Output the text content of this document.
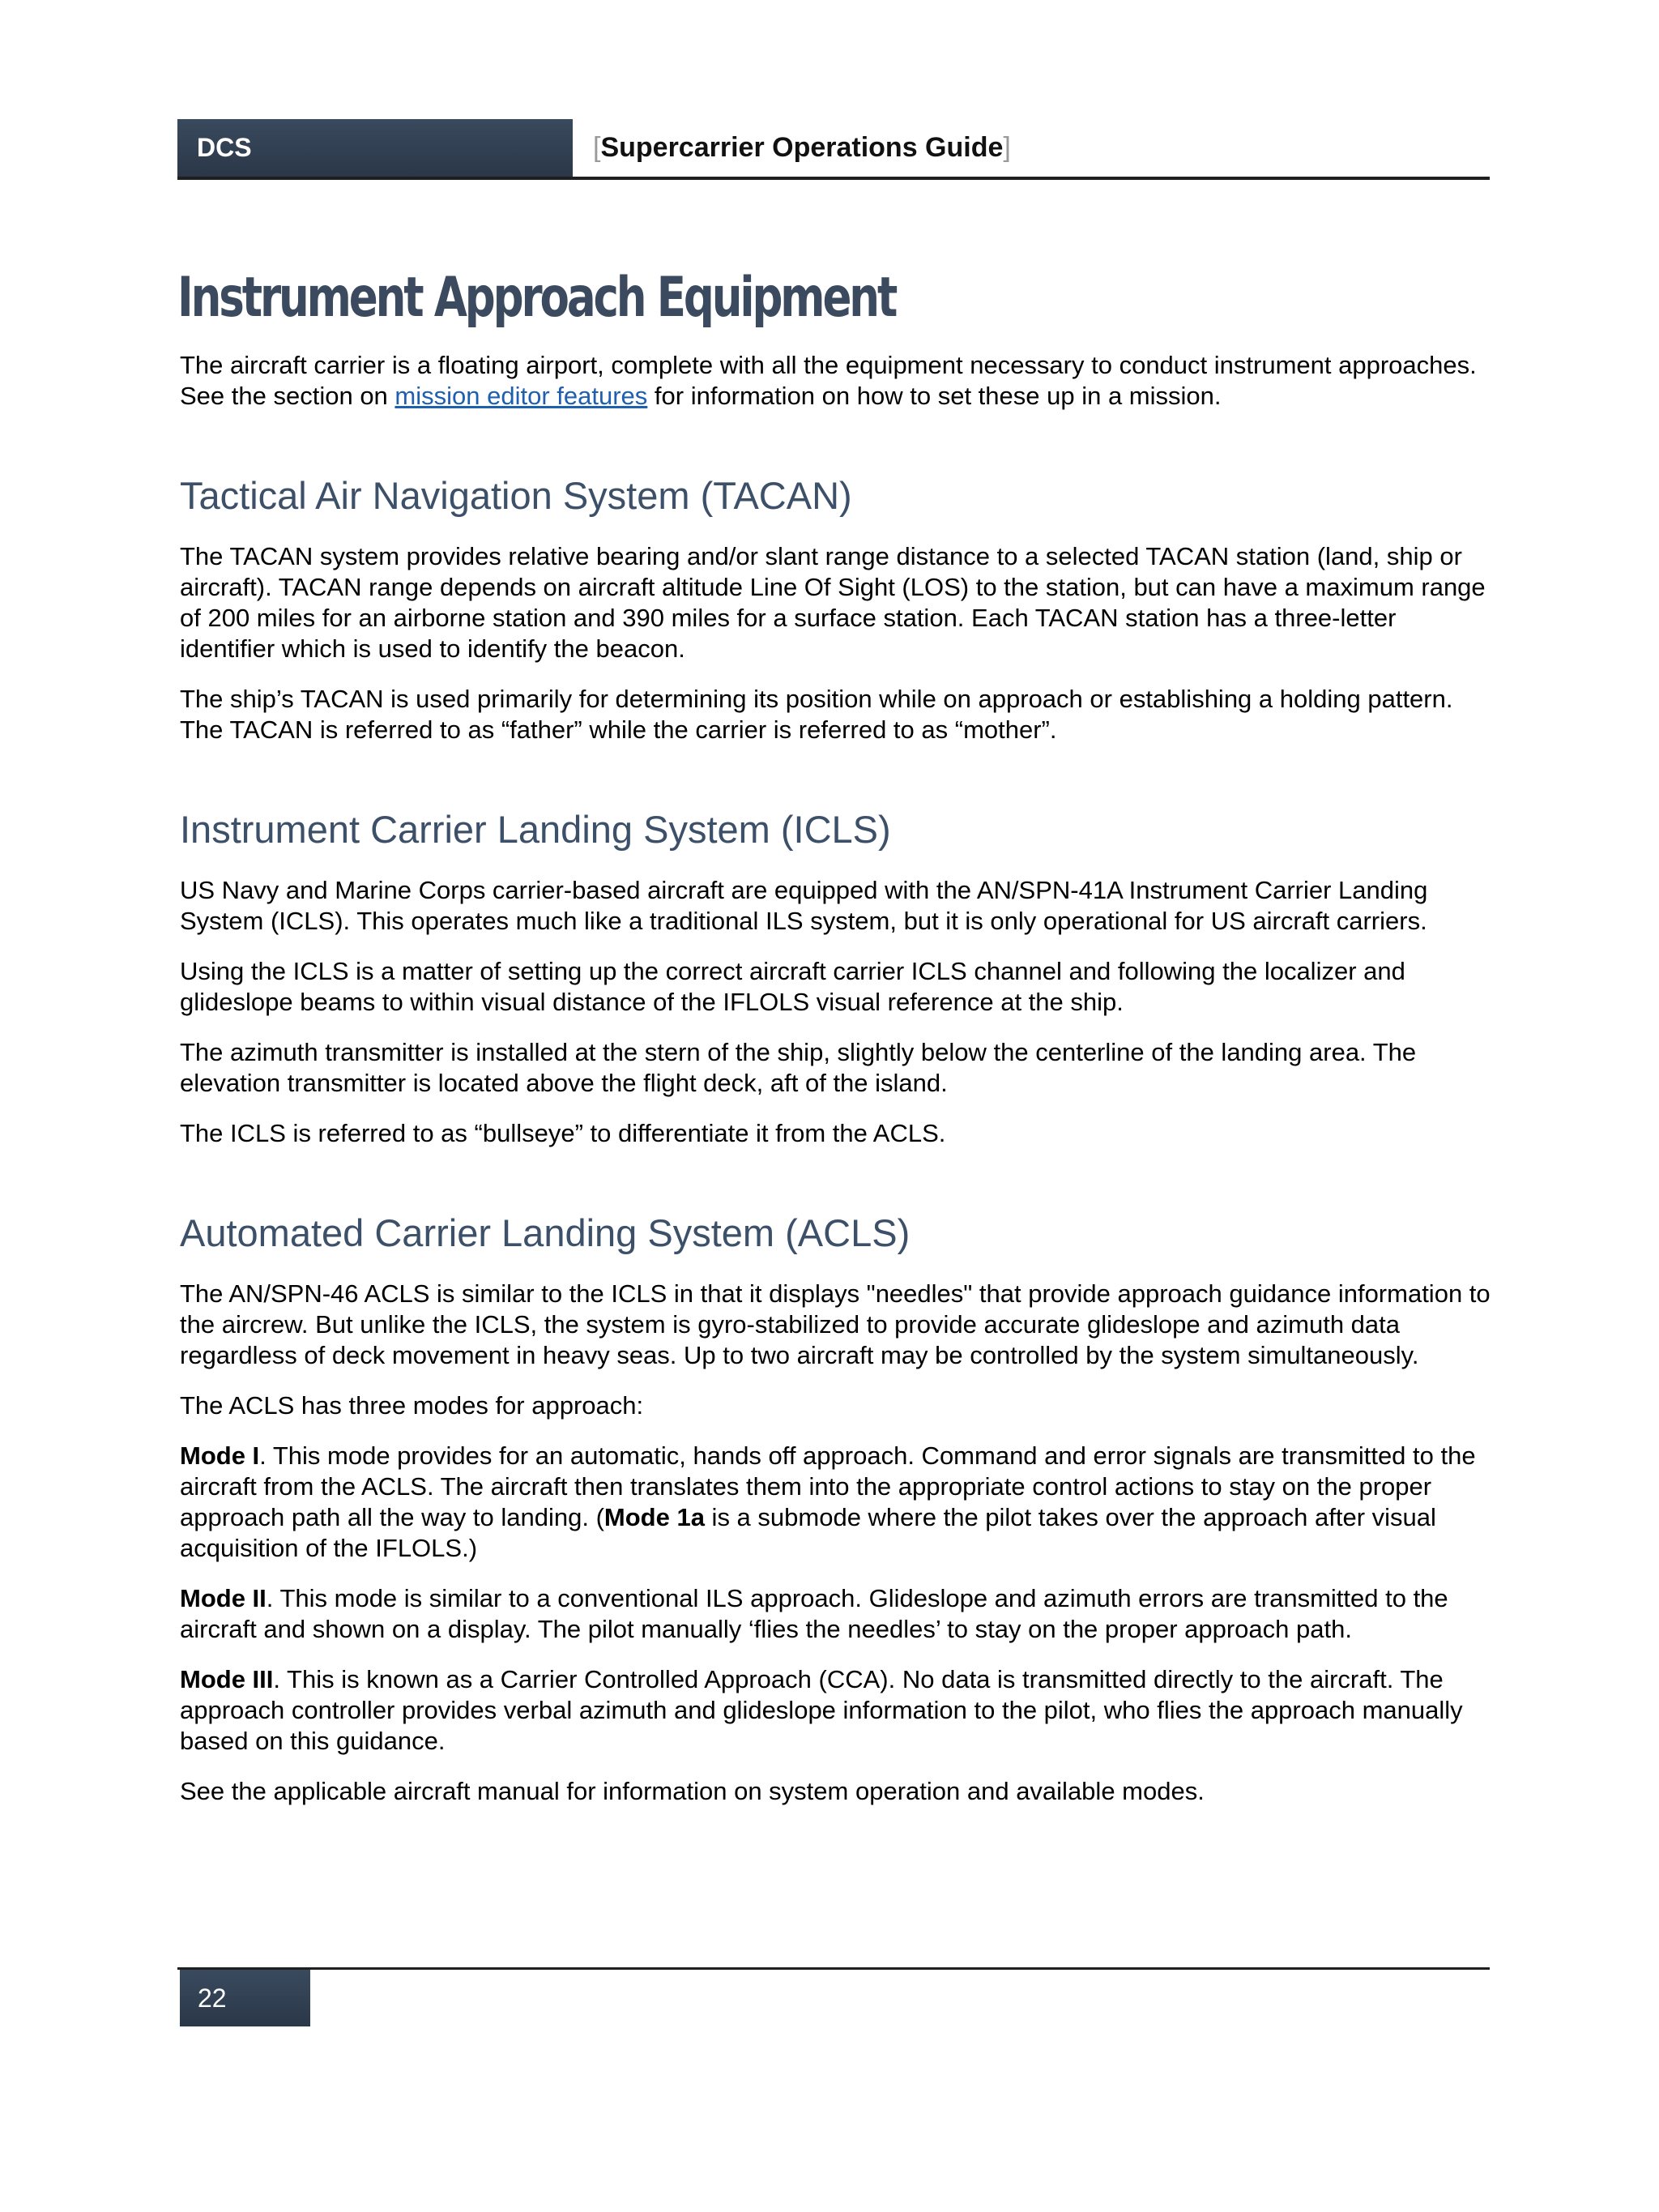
DCS	[Supercarrier Operations Guide]
Instrument Approach Equipment

The aircraft carrier is a floating airport, complete with all the equipment necessary to conduct instrument approaches. See the section on mission editor features for information on how to set these up in a mission.

Tactical Air Navigation System (TACAN)

The TACAN system provides relative bearing and/or slant range distance to a selected TACAN station (land, ship or aircraft). TACAN range depends on aircraft altitude Line Of Sight (LOS) to the station, but can have a maximum range of 200 miles for an airborne station and 390 miles for a surface station. Each TACAN station has a three-letter identifier which is used to identify the beacon.

The ship’s TACAN is used primarily for determining its position while on approach or establishing a holding pattern. The TACAN is referred to as “father” while the carrier is referred to as “mother”.

Instrument Carrier Landing System (ICLS)

US Navy and Marine Corps carrier-based aircraft are equipped with the AN/SPN-41A Instrument Carrier Landing System (ICLS). This operates much like a traditional ILS system, but it is only operational for US aircraft carriers.

Using the ICLS is a matter of setting up the correct aircraft carrier ICLS channel and following the localizer and glideslope beams to within visual distance of the IFLOLS visual reference at the ship.

The azimuth transmitter is installed at the stern of the ship, slightly below the centerline of the landing area. The elevation transmitter is located above the flight deck, aft of the island.

The ICLS is referred to as “bullseye” to differentiate it from the ACLS.

Automated Carrier Landing System (ACLS)

The AN/SPN-46 ACLS is similar to the ICLS in that it displays "needles" that provide approach guidance information to the aircrew. But unlike the ICLS, the system is gyro-stabilized to provide accurate glideslope and azimuth data regardless of deck movement in heavy seas. Up to two aircraft may be controlled by the system simultaneously.

The ACLS has three modes for approach:

Mode I. This mode provides for an automatic, hands off approach. Command and error signals are transmitted to the aircraft from the ACLS. The aircraft then translates them into the appropriate control actions to stay on the proper approach path all the way to landing. (Mode 1a is a submode where the pilot takes over the approach after visual acquisition of the IFLOLS.)

Mode II. This mode is similar to a conventional ILS approach. Glideslope and azimuth errors are transmitted to the aircraft and shown on a display. The pilot manually ‘flies the needles’ to stay on the proper approach path.

Mode III. This is known as a Carrier Controlled Approach (CCA). No data is transmitted directly to the aircraft. The approach controller provides verbal azimuth and glideslope information to the pilot, who flies the approach manually based on this guidance.

See the applicable aircraft manual for information on system operation and available modes.

22
